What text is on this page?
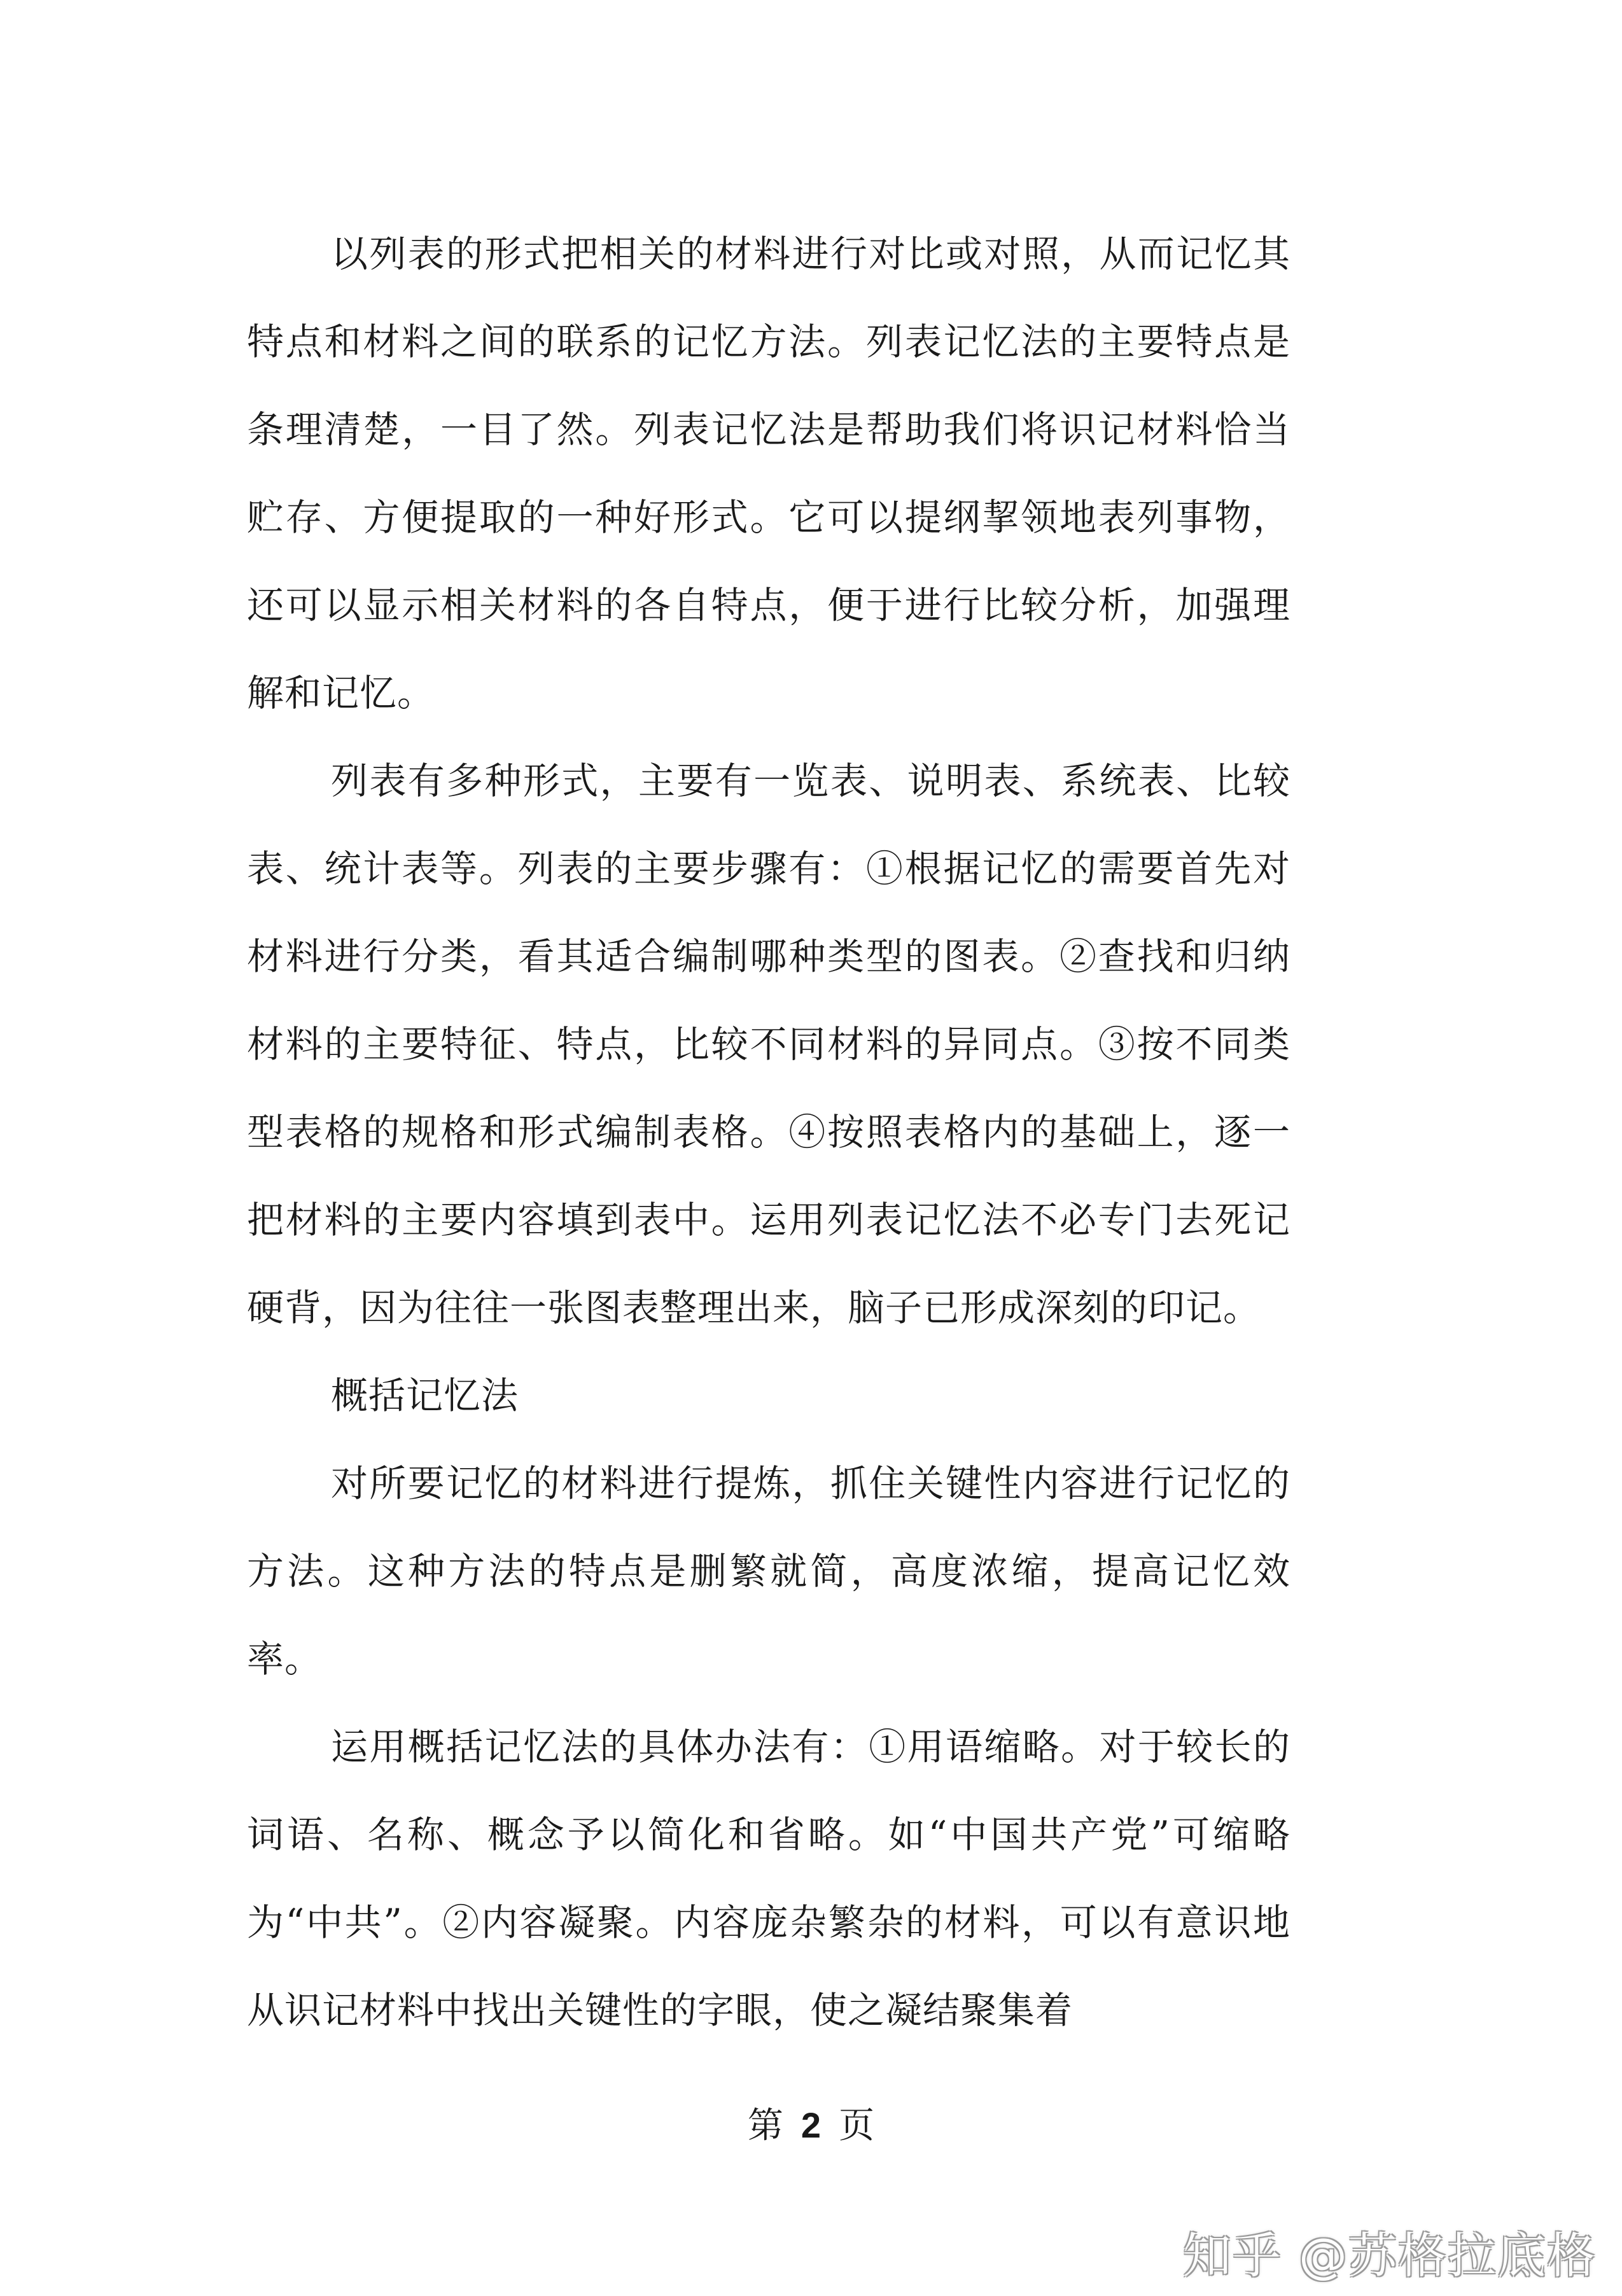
以列表的形式把相关的材料进行对比或对照，从而记忆其特点和材料之间的联系的记忆方法。列表记忆法的主要特点是条理清楚，一目了然。列表记忆法是帮助我们将识记材料恰当贮存、方便提取的一种好形式。它可以提纲挈领地表列事物，还可以显示相关材料的各自特点，便于进行比较分析，加强理解和记忆。

列表有多种形式，主要有一览表、说明表、系统表、比较表、统计表等。列表的主要步骤有：①根据记忆的需要首先对材料进行分类，看其适合编制哪种类型的图表。②查找和归纳材料的主要特征、特点，比较不同材料的异同点。③按不同类型表格的规格和形式编制表格。④按照表格内的基础上，逐一把材料的主要内容填到表中。运用列表记忆法不必专门去死记硬背，因为往往一张图表整理出来，脑子已形成深刻的印记。

概括记忆法

对所要记忆的材料进行提炼，抓住关键性内容进行记忆的方法。这种方法的特点是删繁就简，高度浓缩，提高记忆效率。

运用概括记忆法的具体办法有：①用语缩略。对于较长的词语、名称、概念予以简化和省略。如“中国共产党”可缩略为“中共”。②内容凝聚。内容庞杂繁杂的材料，可以有意识地从识记材料中找出关键性的字眼，使之凝结聚集着

第 2 页
知乎 @苏格拉底格
